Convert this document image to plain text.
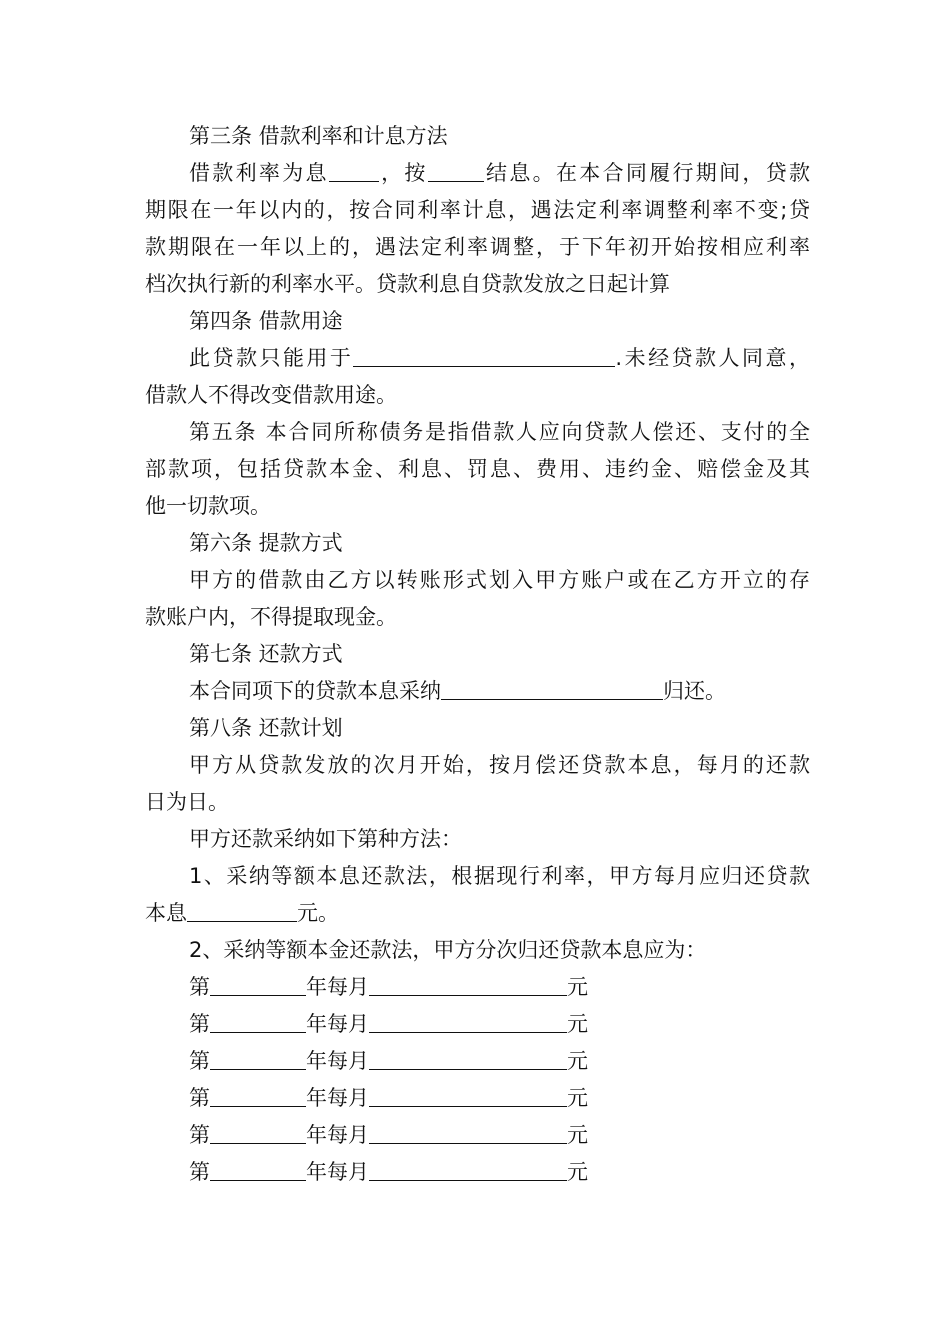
第三条 借款利率和计息方法
借款利率为息 ，按	结息。在本合同履行期间，贷款
期限在一年以内的，按合同利率计息，遇法定利率调整利率不变;贷
款期限在一年以上的，遇法定利率调整，于下年初开始按相应利率
档次执行新的利率水平。贷款利息自贷款发放之日起计算
第四条 借款用途
此贷款只能用于	.未经贷款人同意，
借款人不得改变借款用途。
第五条 本合同所称债务是指借款人应向贷款人偿还、支付的全
部款项，包括贷款本金、利息、罚息、费用、违约金、赔偿金及其
他一切款项。
第六条 提款方式
甲方的借款由乙方以转账形式划入甲方账户或在乙方开立的存
款账户内，不得提取现金。
第七条 还款方式
本合同项下的贷款本息采纳	归还。
第八条 还款计划
甲方从贷款发放的次月开始，按月偿还贷款本息，每月的还款
日为日。
甲方还款采纳如下第种方法：
1、采纳等额本息还款法，根据现行利率，甲方每月应归还贷款
本息	元。
2、采纳等额本金还款法，甲方分次归还贷款本息应为：
第	年每月	元
第	年每月	元
第	年每月	元
第	年每月	元
第	年每月	元
第	年每月	元
